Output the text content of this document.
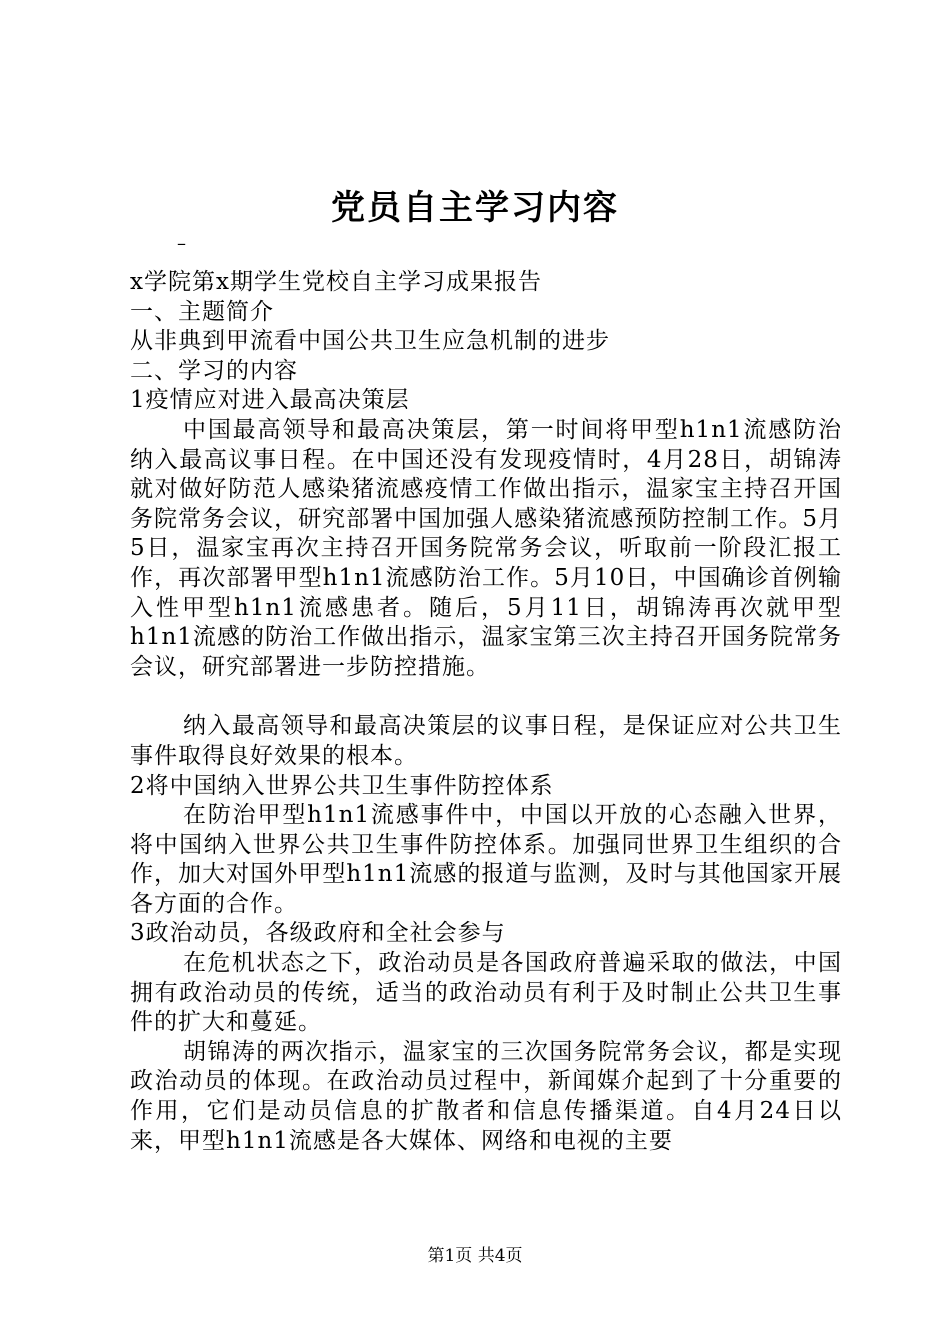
党员自主学习内容
–

x学院第x期学生党校自主学习成果报告

一、主题简介

从非典到甲流看中国公共卫生应急机制的进步

二、学习的内容

1疫情应对进入最高决策层

中国最高领导和最高决策层，第一时间将甲型h1n1流感防治纳入最高议事日程。在中国还没有发现疫情时，4月28日，胡锦涛就对做好防范人感染猪流感疫情工作做出指示，温家宝主持召开国务院常务会议，研究部署中国加强人感染猪流感预防控制工作。5月5日，温家宝再次主持召开国务院常务会议，听取前一阶段汇报工作，再次部署甲型h1n1流感防治工作。5月10日，中国确诊首例输入性甲型h1n1流感患者。随后，5月11日，胡锦涛再次就甲型h1n1流感的防治工作做出指示，温家宝第三次主持召开国务院常务会议，研究部署进一步防控措施。

纳入最高领导和最高决策层的议事日程，是保证应对公共卫生事件取得良好效果的根本。

2将中国纳入世界公共卫生事件防控体系

在防治甲型h1n1流感事件中，中国以开放的心态融入世界，将中国纳入世界公共卫生事件防控体系。加强同世界卫生组织的合作，加大对国外甲型h1n1流感的报道与监测，及时与其他国家开展各方面的合作。

3政治动员，各级政府和全社会参与

在危机状态之下，政治动员是各国政府普遍采取的做法，中国拥有政治动员的传统，适当的政治动员有利于及时制止公共卫生事件的扩大和蔓延。

胡锦涛的两次指示，温家宝的三次国务院常务会议，都是实现政治动员的体现。在政治动员过程中，新闻媒介起到了十分重要的作用，它们是动员信息的扩散者和信息传播渠道。自4月24日以来，甲型h1n1流感是各大媒体、网络和电视的主要

第1页 共4页
